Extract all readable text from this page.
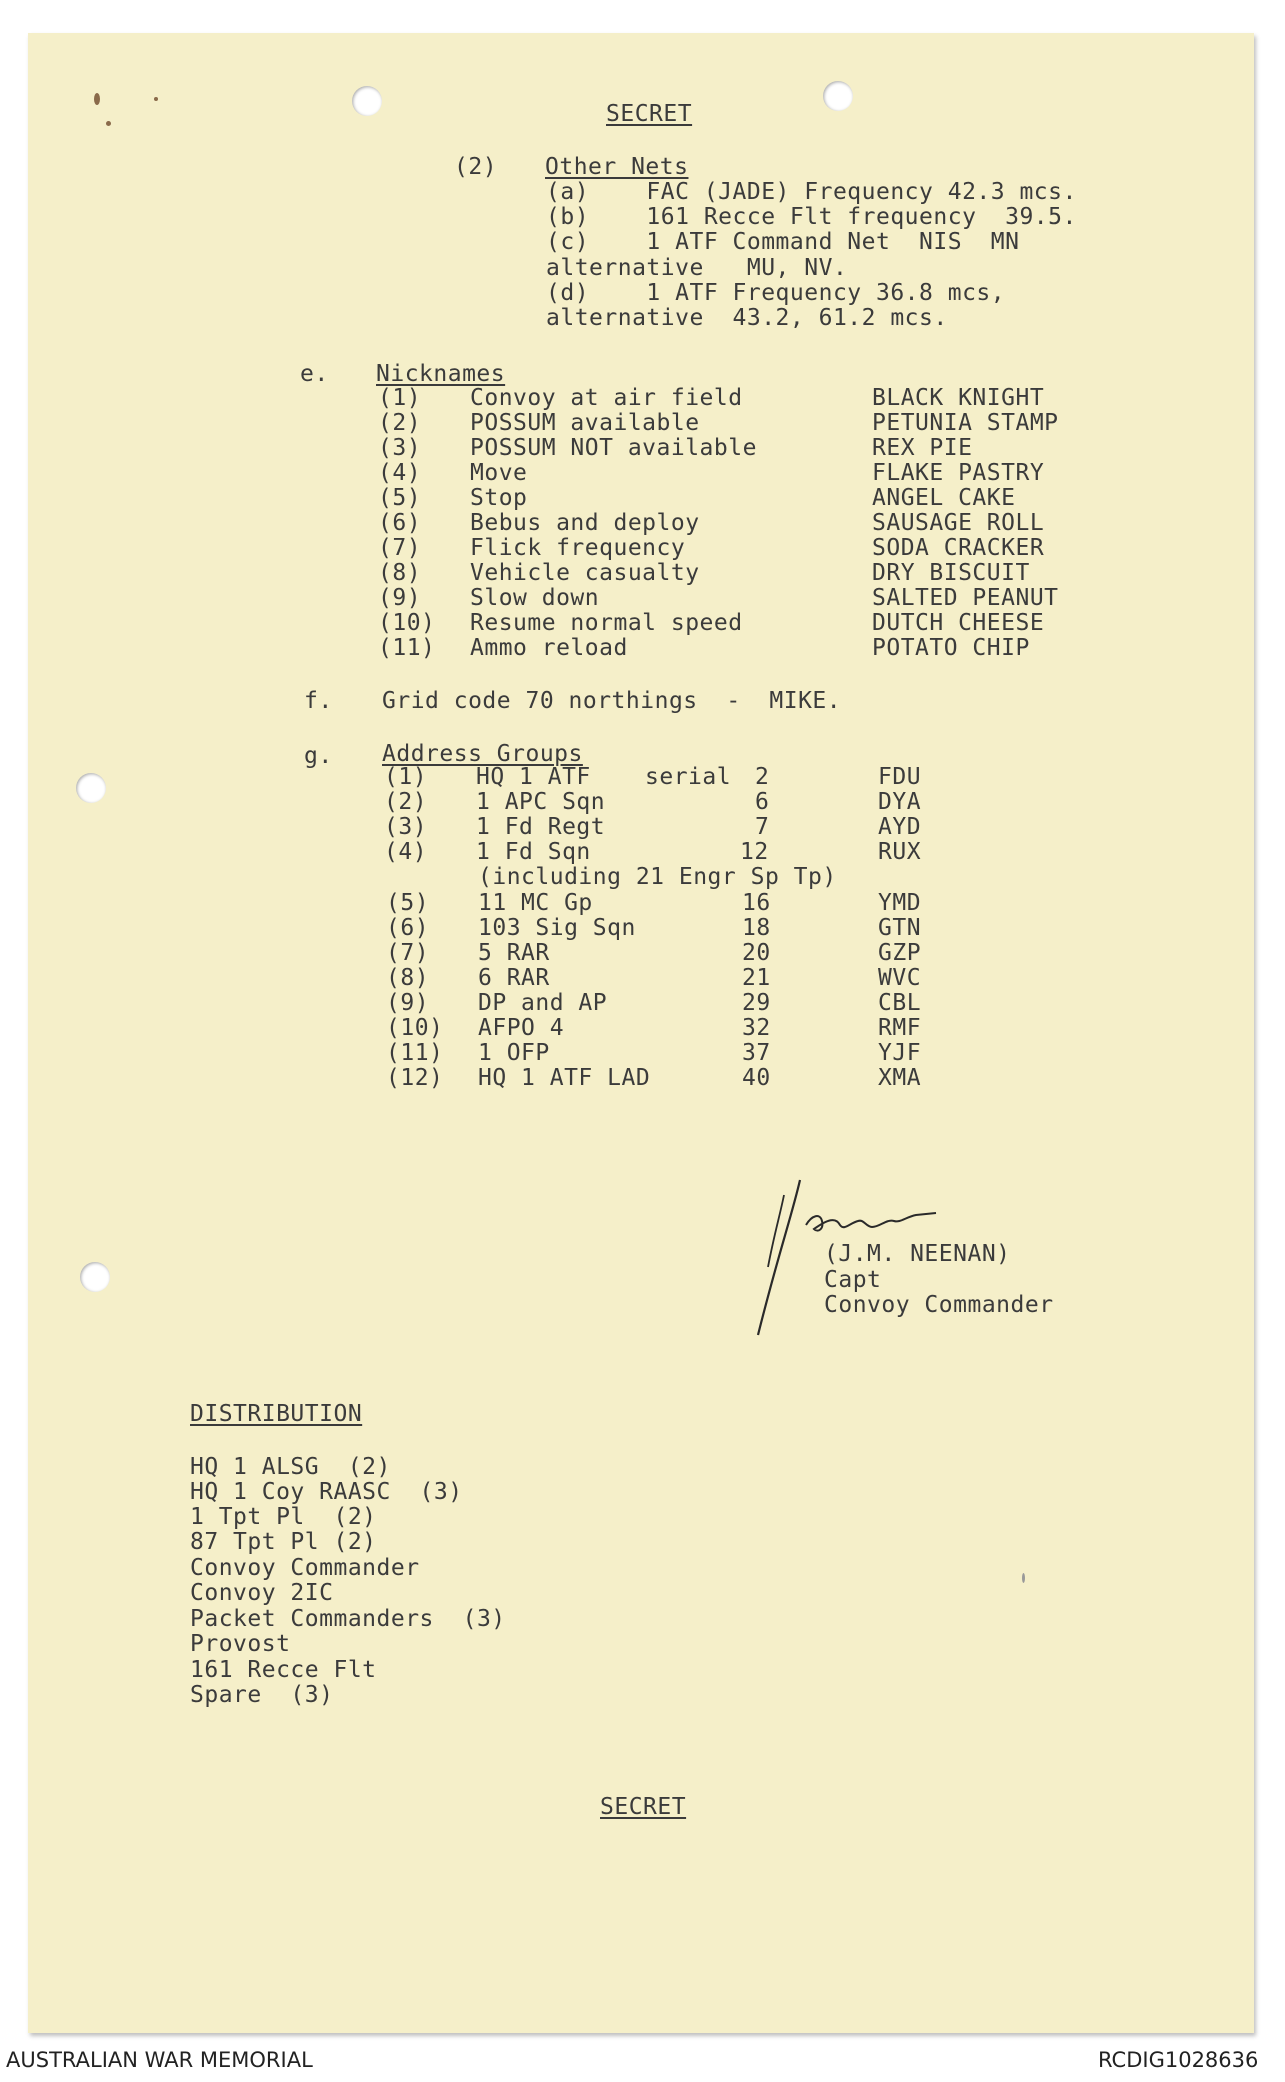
SECRET
(2) Other Nets
(a)    FAC (JADE) Frequency 42.3 mcs.
(b)    161 Recce Flt frequency  39.5.
(c)    1 ATF Command Net  NIS  MN
alternative   MU, NV.
(d)    1 ATF Frequency 36.8 mcs,
alternative  43.2, 61.2 mcs.
e. Nicknames
(1) Convoy at air field	BLACK KNIGHT
(2) POSSUM available	PETUNIA STAMP
(3) POSSUM NOT available	REX PIE
(4) Move	FLAKE PASTRY
(5) Stop	ANGEL CAKE
(6) Bebus and deploy	SAUSAGE ROLL
(7) Flick frequency	SODA CRACKER
(8) Vehicle casualty	DRY BISCUIT
(9) Slow down	SALTED PEANUT
(10) Resume normal speed	DUTCH CHEESE
(11) Ammo reload	POTATO CHIP
f. Grid code 70 northings  -  MIKE.
g. Address Groups
serial
(1) HQ 1 ATF	2	FDU
(2) 1 APC Sqn	6	DYA
(3) 1 Fd Regt	7	AYD
(4) 1 Fd Sqn	12	RUX
(including 21 Engr Sp Tp)
(5) 11 MC Gp	16	YMD
(6) 103 Sig Sqn	18	GTN
(7) 5 RAR	20	GZP
(8) 6 RAR	21	WVC
(9) DP and AP	29	CBL
(10) AFPO 4	32	RMF
(11) 1 OFP	37	YJF
(12) HQ 1 ATF LAD	40	XMA
(J.M. NEENAN)
Capt
Convoy Commander
DISTRIBUTION
HQ 1 ALSG  (2)
HQ 1 Coy RAASC  (3)
1 Tpt Pl  (2)
87 Tpt Pl (2)
Convoy Commander
Convoy 2IC
Packet Commanders  (3)
Provost
161 Recce Flt
Spare  (3)
SECRET
AUSTRALIAN WAR MEMORIAL	RCDIG1028636
